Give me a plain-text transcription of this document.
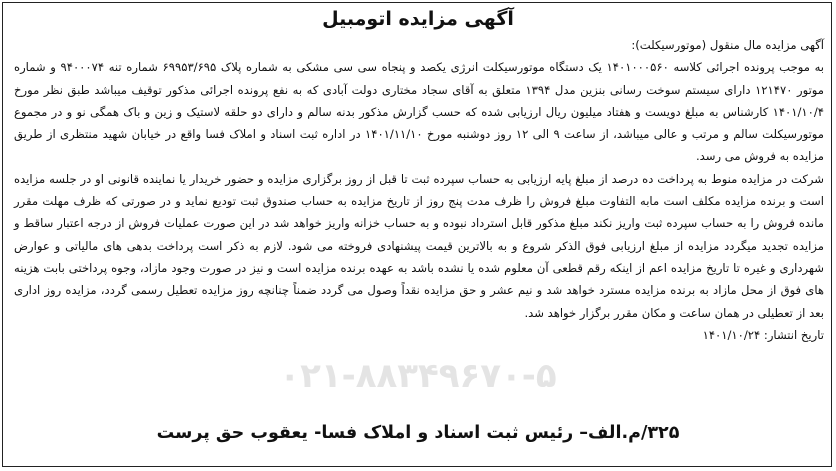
۰۲۱-۸۸۳۴۹۶۷۰-۵
آگهی مزایده اتومبیل

آگهی مزایده مال منقول (موتورسیکلت):

به موجب پرونده اجرائی کلاسه ۱۴۰۱۰۰۰۵۶۰ یک دستگاه موتورسیکلت انرژی یکصد و پنجاه سی سی مشکی به شماره پلاک ۶۹۹۵۳/۶۹۵ شماره تنه ۹۴۰۰۰۷۴ و شماره موتور ۱۲۱۴۷۰ دارای سیستم سوخت رسانی بنزین مدل ۱۳۹۴ متعلق به آقای سجاد مختاری دولت آبادی که به نفع پرونده اجرائی مذکور توقیف میباشد طبق نظر مورخ ۱۴۰۱/۱۰/۴ کارشناس به مبلغ دویست و هفتاد میلیون ریال ارزیابی شده که حسب گزارش مذکور بدنه سالم و دارای دو حلقه لاستیک و زین و باک همگی نو و در مجموع موتورسیکلت سالم و مرتب و عالی میباشد، از ساعت ۹ الی ۱۲ روز دوشنبه مورخ ۱۴۰۱/۱۱/۱۰ در اداره ثبت اسناد و املاک فسا واقع در خیابان شهید منتظری از طریق مزایده به فروش می رسد.

شرکت در مزایده منوط به پرداخت ده درصد از مبلغ پایه ارزیابی به حساب سپرده ثبت تا قبل از روز برگزاری مزایده و حضور خریدار یا نماینده قانونی او در جلسه مزایده است و برنده مزایده مکلف است مابه التفاوت مبلغ فروش را ظرف مدت پنج روز از تاریخ مزایده به حساب صندوق ثبت تودیع نماید و در صورتی که ظرف مهلت مقرر مانده فروش را به حساب سپرده ثبت واریز نکند مبلغ مذکور قابل استرداد نبوده و به حساب خزانه واریز خواهد شد در این صورت عملیات فروش از درجه اعتبار ساقط و مزایده تجدید میگردد مزایده از مبلغ ارزیابی فوق الذکر شروع و به بالاترین قیمت پیشنهادی فروخته می شود. لازم به ذکر است پرداخت بدهی های مالیاتی و عوارض شهرداری و غیره تا تاریخ مزایده اعم از اینکه رقم قطعی آن معلوم شده یا نشده باشد به عهده برنده مزایده است و نیز در صورت وجود مازاد، وجوه پرداختی بابت هزینه های فوق از محل مازاد به برنده مزایده مسترد خواهد شد و نیم عشر و حق مزایده نقداً وصول می گردد ضمناً چنانچه روز مزایده تعطیل رسمی گردد، مزایده روز اداری بعد از تعطیلی در همان ساعت و مکان مقرر برگزار خواهد شد.

تاریخ انتشار: ۱۴۰۱/۱۰/۲۴

۳۲۵/م.الف– رئیس ثبت اسناد و املاک فسا- یعقوب حق پرست
